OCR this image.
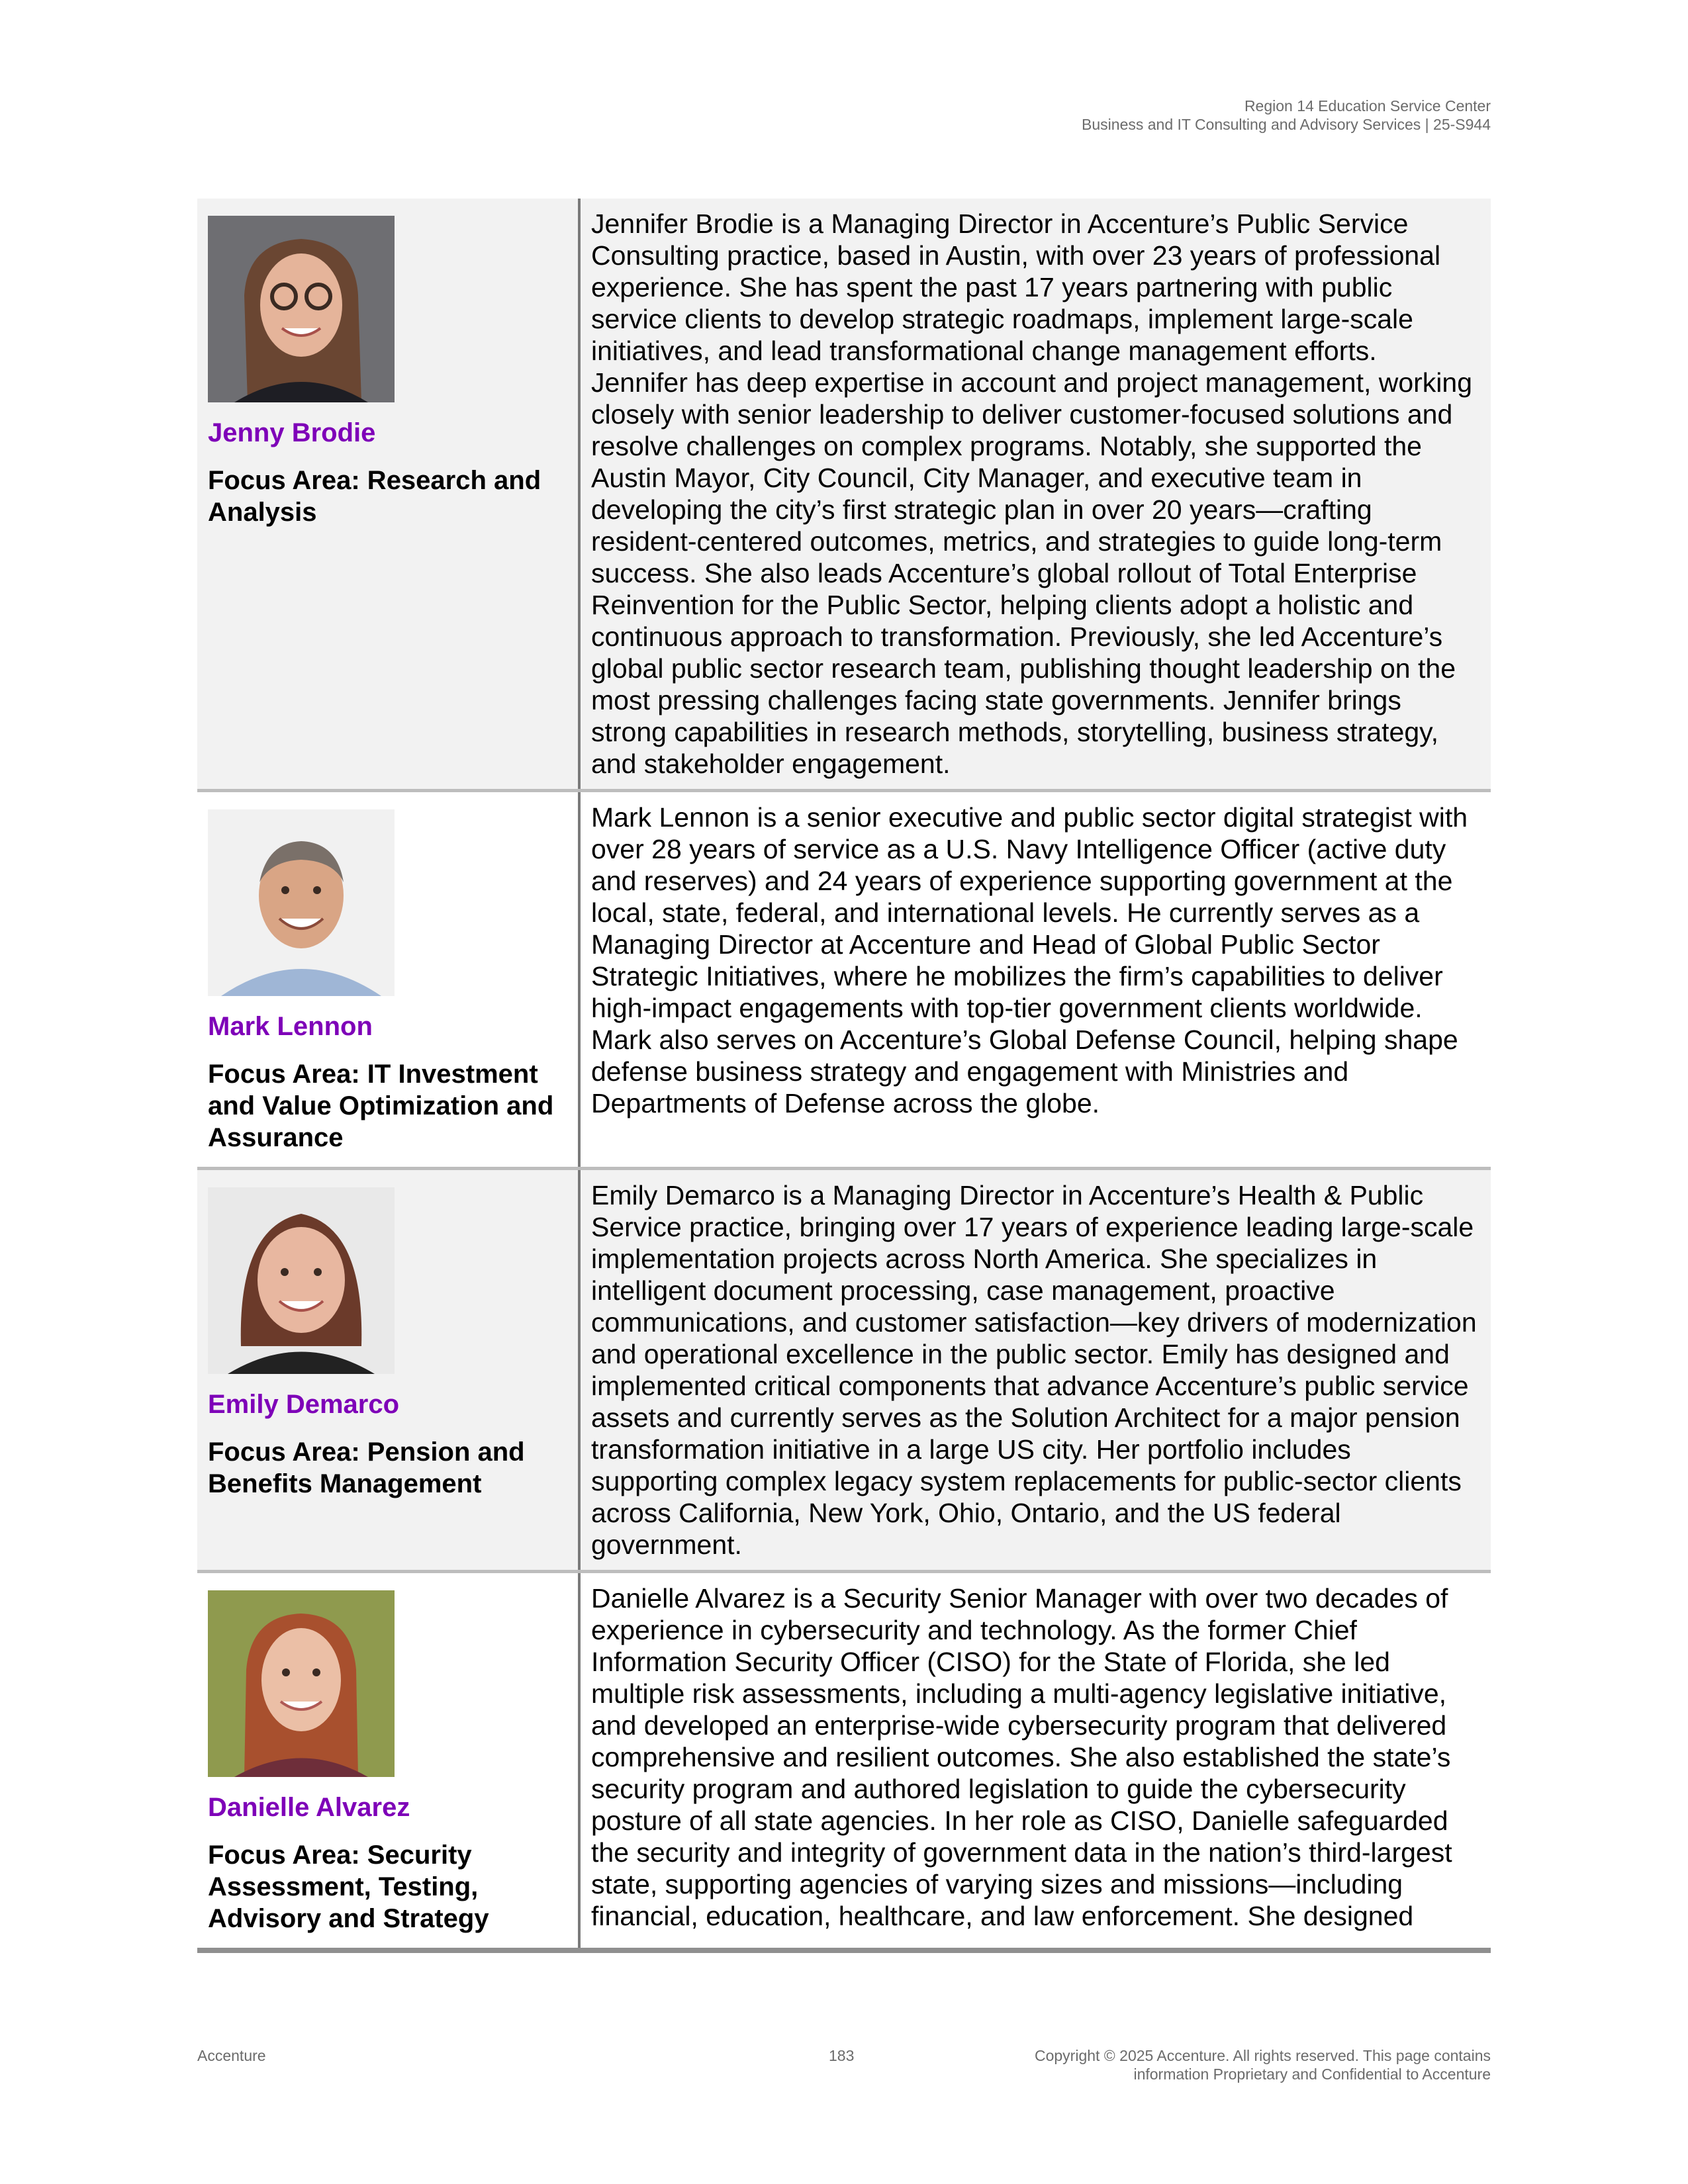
Region 14 Education Service Center
Business and IT Consulting and Advisory Services | 25-S944
Jenny Brodie
Focus Area: Research and Analysis
Jennifer Brodie is a Managing Director in Accenture’s Public Service Consulting practice, based in Austin, with over 23 years of professional experience. She has spent the past 17 years partnering with public service clients to develop strategic roadmaps, implement large-scale initiatives, and lead transformational change management efforts. Jennifer has deep expertise in account and project management, working closely with senior leadership to deliver customer-focused solutions and resolve challenges on complex programs. Notably, she supported the Austin Mayor, City Council, City Manager, and executive team in developing the city’s first strategic plan in over 20 years—crafting resident-centered outcomes, metrics, and strategies to guide long-term success. She also leads Accenture’s global rollout of Total Enterprise Reinvention for the Public Sector, helping clients adopt a holistic and continuous approach to transformation. Previously, she led Accenture’s global public sector research team, publishing thought leadership on the most pressing challenges facing state governments. Jennifer brings strong capabilities in research methods, storytelling, business strategy, and stakeholder engagement.
Mark Lennon
Focus Area: IT Investment and Value Optimization and Assurance
Mark Lennon is a senior executive and public sector digital strategist with over 28 years of service as a U.S. Navy Intelligence Officer (active duty and reserves) and 24 years of experience supporting government at the local, state, federal, and international levels. He currently serves as a Managing Director at Accenture and Head of Global Public Sector Strategic Initiatives, where he mobilizes the firm’s capabilities to deliver high-impact engagements with top-tier government clients worldwide. Mark also serves on Accenture’s Global Defense Council, helping shape defense business strategy and engagement with Ministries and Departments of Defense across the globe.
Emily Demarco
Focus Area: Pension and Benefits Management
Emily Demarco is a Managing Director in Accenture’s Health & Public Service practice, bringing over 17 years of experience leading large-scale implementation projects across North America. She specializes in intelligent document processing, case management, proactive communications, and customer satisfaction—key drivers of modernization and operational excellence in the public sector. Emily has designed and implemented critical components that advance Accenture’s public service assets and currently serves as the Solution Architect for a major pension transformation initiative in a large US city. Her portfolio includes supporting complex legacy system replacements for public-sector clients across California, New York, Ohio, Ontario, and the US federal government.
Danielle Alvarez
Focus Area: Security Assessment, Testing, Advisory and Strategy
Danielle Alvarez is a Security Senior Manager with over two decades of experience in cybersecurity and technology. As the former Chief Information Security Officer (CISO) for the State of Florida, she led multiple risk assessments, including a multi-agency legislative initiative, and developed an enterprise-wide cybersecurity program that delivered comprehensive and resilient outcomes. She also established the state’s security program and authored legislation to guide the cybersecurity posture of all state agencies. In her role as CISO, Danielle safeguarded the security and integrity of government data in the nation’s third-largest state, supporting agencies of varying sizes and missions—including financial, education, healthcare, and law enforcement. She designed
Accenture	183	Copyright © 2025 Accenture. All rights reserved. This page contains
information Proprietary and Confidential to Accenture
